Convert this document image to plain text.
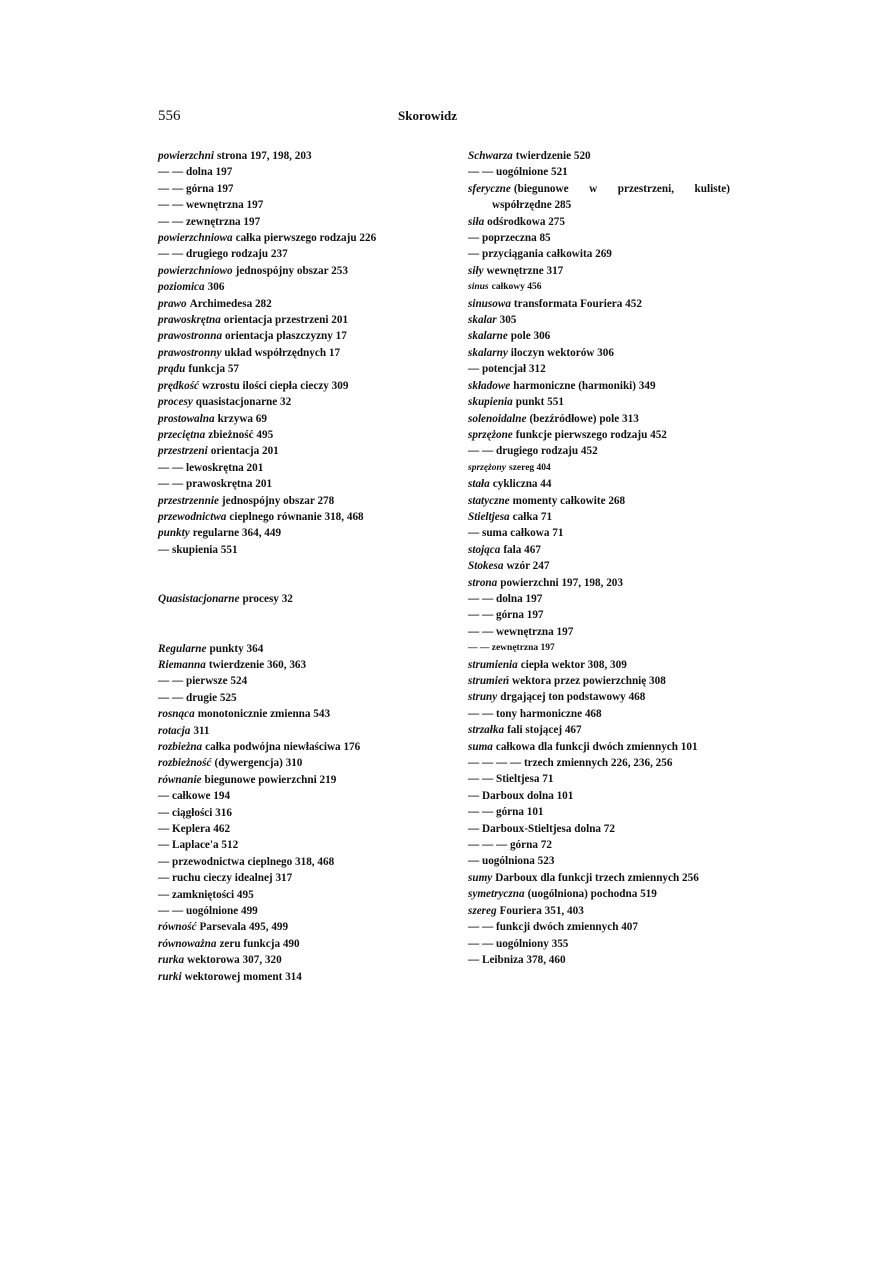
556	Skorowidz
powierzchni strona 197, 198, 203
— — dolna 197
— — górna 197
— — wewnętrzna 197
— — zewnętrzna 197
powierzchniowa całka pierwszego rodzaju 226
— — drugiego rodzaju 237
powierzchniowo jednospójny obszar 253
poziomica 306
prawo Archimedesa 282
prawoskrętna orientacja przestrzeni 201
prawostronna orientacja płaszczyzny 17
prawostronny układ współrzędnych 17
prądu funkcja 57
prędkość wzrostu ilości ciepła cieczy 309
procesy quasistacjonarne 32
prostowalna krzywa 69
przeciętna zbieżność 495
przestrzeni orientacja 201
— — lewoskrętna 201
— — prawoskrętna 201
przestrzennie jednospójny obszar 278
przewodnictwa cieplnego równanie 318, 468
punkty regularne 364, 449
— skupienia 551
Quasistacjonarne procesy 32
Regularne punkty 364
Riemanna twierdzenie 360, 363
— — pierwsze 524
— — drugie 525
rosnąca monotonicznie zmienna 543
rotacja 311
rozbieżna całka podwójna niewłaściwa 176
rozbieżność (dywergencja) 310
równanie biegunowe powierzchni 219
— całkowe 194
— ciągłości 316
— Keplera 462
— Laplace'a 512
— przewodnictwa cieplnego 318, 468
— ruchu cieczy idealnej 317
— zamkniętości 495
— — uogólnione 499
równość Parsevala 495, 499
równoważna zeru funkcja 490
rurka wektorowa 307, 320
rurki wektorowej moment 314
Schwarza twierdzenie 520
— — uogólnione 521
sferyczne (biegunowe w przestrzeni, kuliste) współrzędne 285
siła odśrodkowa 275
— poprzeczna 85
— przyciągania całkowita 269
siły wewnętrzne 317
sinus całkowy 456
sinusowa transformata Fouriera 452
skalar 305
skalarne pole 306
skalarny iloczyn wektorów 306
— potencjał 312
składowe harmoniczne (harmoniki) 349
skupienia punkt 551
solenoidalne (bezźródłowe) pole 313
sprzężone funkcje pierwszego rodzaju 452
— — drugiego rodzaju 452
sprzężony szereg 404
stała cykliczna 44
statyczne momenty całkowite 268
Stieltjesa całka 71
— suma całkowa 71
stojąca fala 467
Stokesa wzór 247
strona powierzchni 197, 198, 203
— — dolna 197
— — górna 197
— — wewnętrzna 197
— — zewnętrzna 197
strumienia ciepła wektor 308, 309
strumień wektora przez powierzchnię 308
struny drgającej ton podstawowy 468
— — tony harmoniczne 468
strzałka fali stojącej 467
suma całkowa dla funkcji dwóch zmiennych 101
— — — — trzech zmiennych 226, 236, 256
— — Stieltjesa 71
— Darboux dolna 101
— — górna 101
— Darboux-Stieltjesa dolna 72
— — — górna 72
— uogólniona 523
sumy Darboux dla funkcji trzech zmiennych 256
symetryczna (uogólniona) pochodna 519
szereg Fouriera 351, 403
— — funkcji dwóch zmiennych 407
— — uogólniony 355
— Leibniza 378, 460
